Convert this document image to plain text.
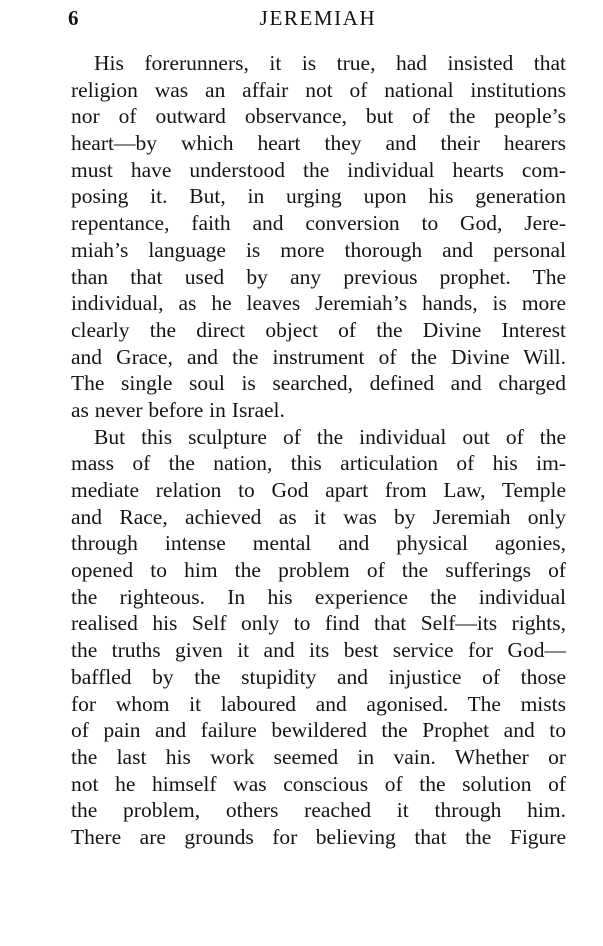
6	JEREMIAH
His forerunners, it is true, had insisted that
religion was an affair not of national institutions
nor of outward observance, but of the people’s
heart—by which heart they and their hearers
must have understood the individual hearts com-
posing it. But, in urging upon his generation
repentance, faith and conversion to God, Jere-
miah’s language is more thorough and personal
than that used by any previous prophet. The
individual, as he leaves Jeremiah’s hands, is more
clearly the direct object of the Divine Interest
and Grace, and the instrument of the Divine Will.
The single soul is searched, defined and charged
as never before in Israel.
But this sculpture of the individual out of the
mass of the nation, this articulation of his im-
mediate relation to God apart from Law, Temple
and Race, achieved as it was by Jeremiah only
through intense mental and physical agonies,
opened to him the problem of the sufferings of
the righteous. In his experience the individual
realised his Self only to find that Self—its rights,
the truths given it and its best service for God—
baffled by the stupidity and injustice of those
for whom it laboured and agonised. The mists
of pain and failure bewildered the Prophet and to
the last his work seemed in vain. Whether or
not he himself was conscious of the solution of
the problem, others reached it through him.
There are grounds for believing that the Figure
